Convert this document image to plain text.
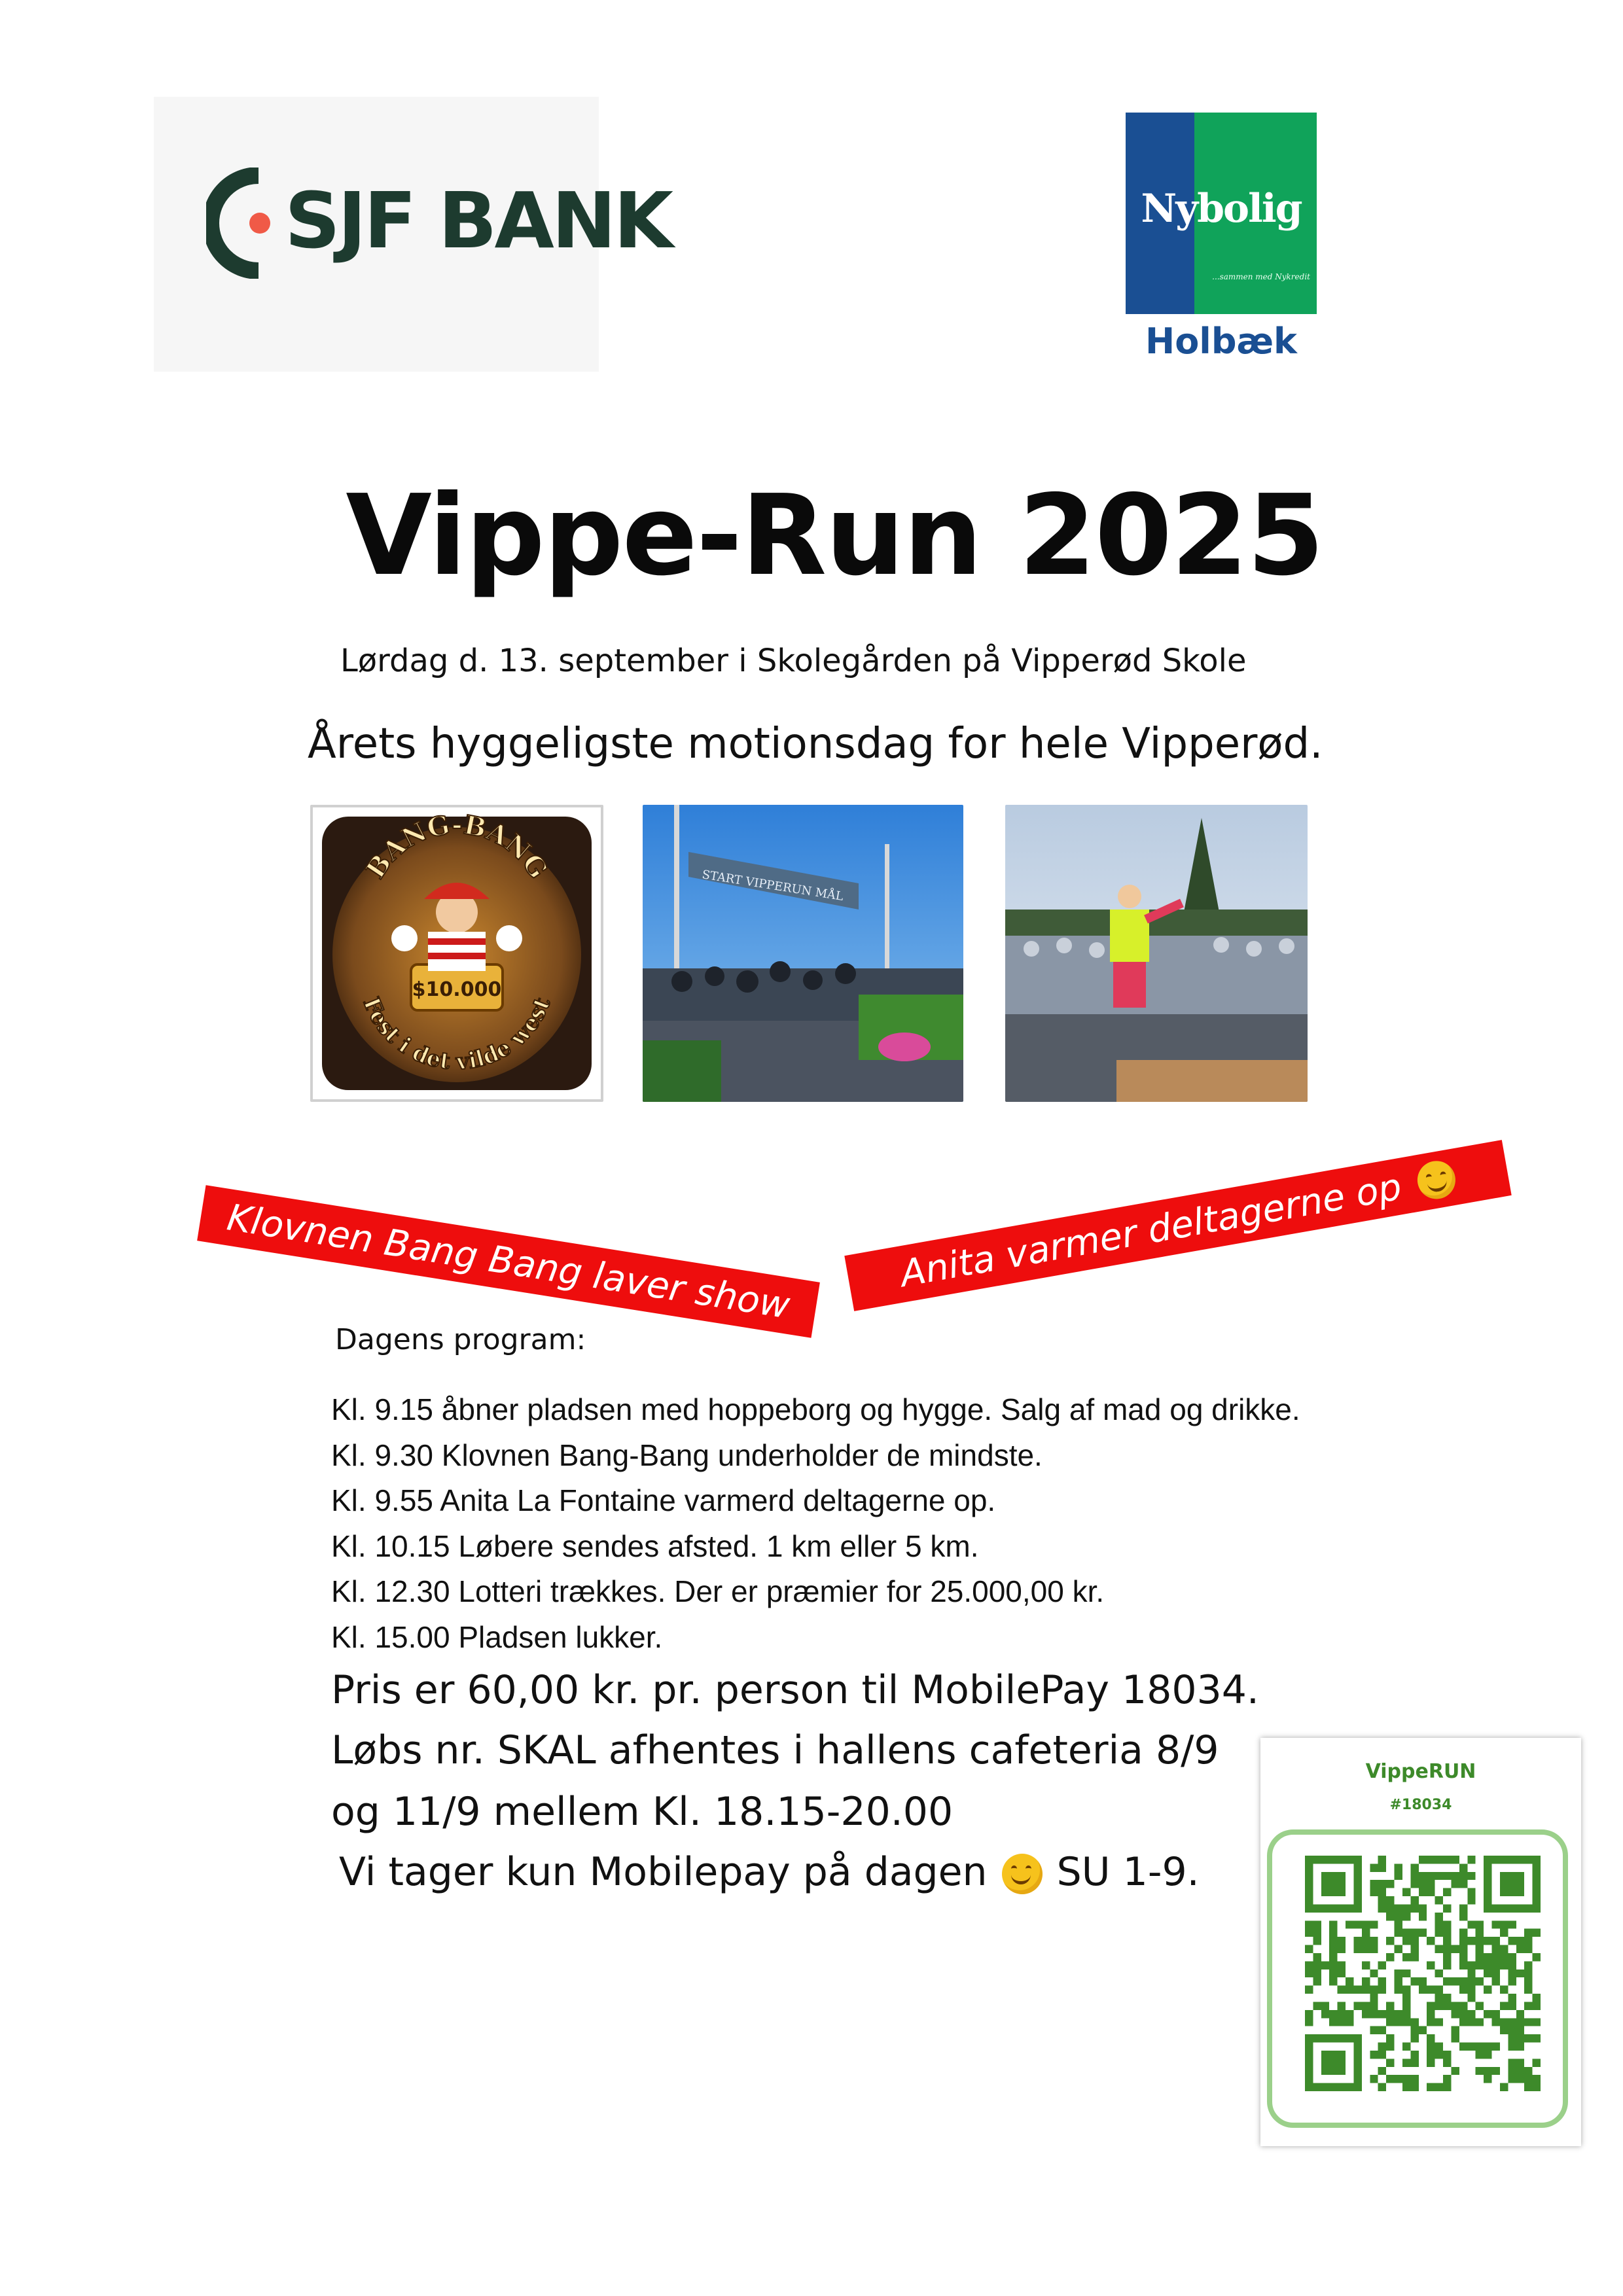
SJF BANK	Nybolig
...sammen med Nykredit
Holbæk
Vippe-Run 2025
Lørdag d. 13. september i Skolegården på Vipperød Skole
Årets hyggeligste motionsdag for hele Vipperød.
$10.000
BANG-BANG
Fest i det vilde west
START VIPPERUN MÅL
Klovnen Bang Bang laver show	Anita varmer deltagerne op
Dagens program:
Kl. 9.15 åbner pladsen med hoppeborg og hygge. Salg af mad og drikke.
Kl. 9.30 Klovnen Bang-Bang underholder de mindste.
Kl. 9.55 Anita La Fontaine varmerd deltagerne op.
Kl. 10.15 Løbere sendes afsted. 1 km eller 5 km.
Kl. 12.30 Lotteri trækkes. Der er præmier for 25.000,00 kr.
Kl. 15.00 Pladsen lukker.
Pris er 60,00 kr. pr. person til MobilePay 18034.
Løbs nr. SKAL afhentes i hallens cafeteria 8/9
og 11/9 mellem Kl. 18.15-20.00
Vi tager kun Mobilepay på dagen SU 1-9.
VippeRUN
#18034
